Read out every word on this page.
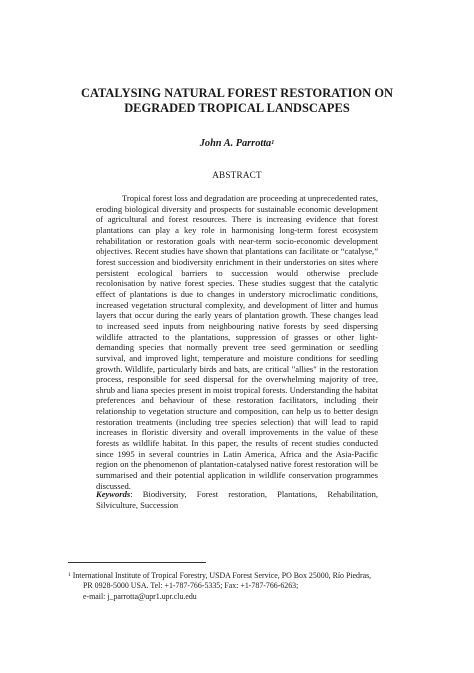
CATALYSING NATURAL FOREST RESTORATION ON
DEGRADED TROPICAL LANDSCAPES
John A. Parrotta$^1$
ABSTRACT

Tropical forest loss and degradation are proceeding at unprecedented rates, eroding biological diversity and prospects for sustainable economic development of agricultural and forest resources. There is increasing evidence that forest plantations can play a key role in harmonising long-term forest ecosystem rehabilitation or restoration goals with near-term socio-economic development objectives. Recent studies have shown that plantations can facilitate or “catalyse,” forest succession and biodiversity enrichment in their understories on sites where persistent ecological barriers to succession would otherwise preclude recolonisation by native forest species. These studies suggest that the catalytic effect of plantations is due to changes in understory microclimatic conditions, increased vegetation structural complexity, and development of litter and humus layers that occur during the early years of plantation growth. These changes lead to increased seed inputs from neighbouring native forests by seed dispersing wildlife attracted to the plantations, suppression of grasses or other light-demanding species that normally prevent tree seed germination or seedling survival, and improved light, temperature and moisture conditions for seedling growth. Wildlife, particularly birds and bats, are critical "allies" in the restoration process, responsible for seed dispersal for the overwhelming majority of tree, shrub and liana species present in moist tropical forests. Understanding the habitat preferences and behaviour of these restoration facilitators, including their relationship to vegetation structure and composition, can help us to better design restoration treatments (including tree species selection) that will lead to rapid increases in floristic diversity and overall improvements in the value of these forests as wildlife habitat. In this paper, the results of recent studies conducted since 1995 in several countries in Latin America, Africa and the Asia-Pacific region on the phenomenon of plantation-catalysed native forest restoration will be summarised and their potential application in wildlife conservation programmes discussed.

Keywords: Biodiversity, Forest restoration, Plantations, Rehabilitation, Silviculture, Succession
$^1$ International Institute of Tropical Forestry, USDA Forest Service, PO Box 25000, Río Piedras,
PR 0928-5000 USA. Tel: +1-787-766-5335; Fax: +1-787-766-6263;
e-mail: j_parrotta@upr1.upr.clu.edu
